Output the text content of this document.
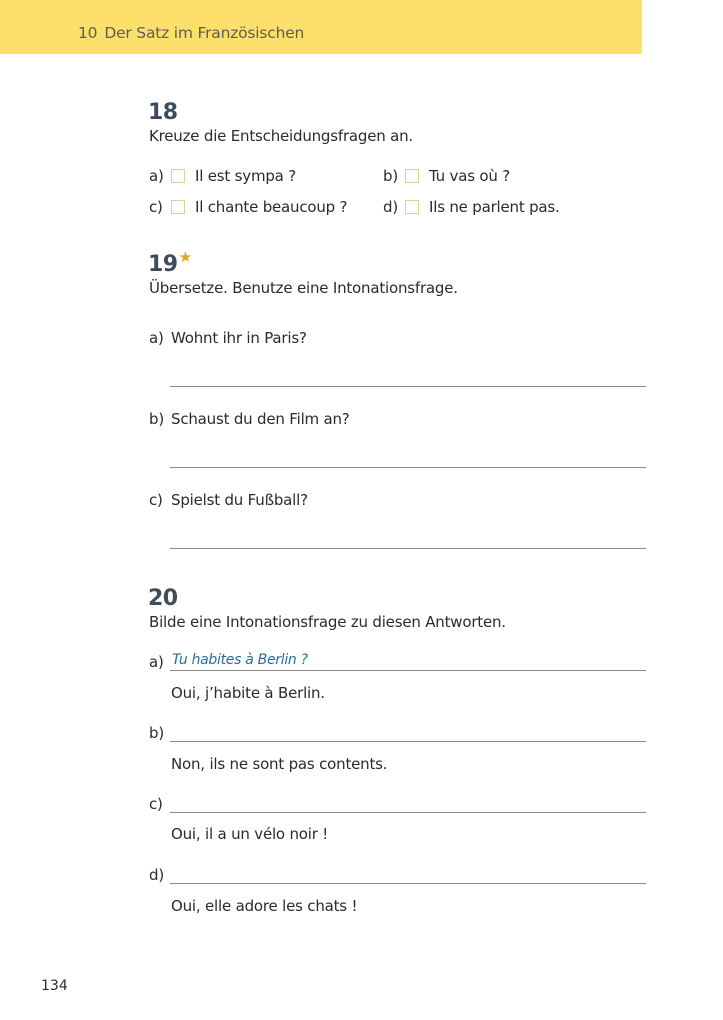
10 Der Satz im Französischen
18
Kreuze die Entscheidungsfragen an.
a)	Il est sympa ?	b)	Tu vas où ?
c)	Il chante beaucoup ? d)	Ils ne parlent pas.
19★
Übersetze. Benutze eine Intonationsfrage.
a) Wohnt ihr in Paris?
b) Schaust du den Film an?
c) Spielst du Fußball?
20
Bilde eine Intonationsfrage zu diesen Antworten.
a)
Tu habites à Berlin ?
Oui, j’habite à Berlin.
b)
Non, ils ne sont pas contents.
c)
Oui, il a un vélo noir !
d)
Oui, elle adore les chats !
134
